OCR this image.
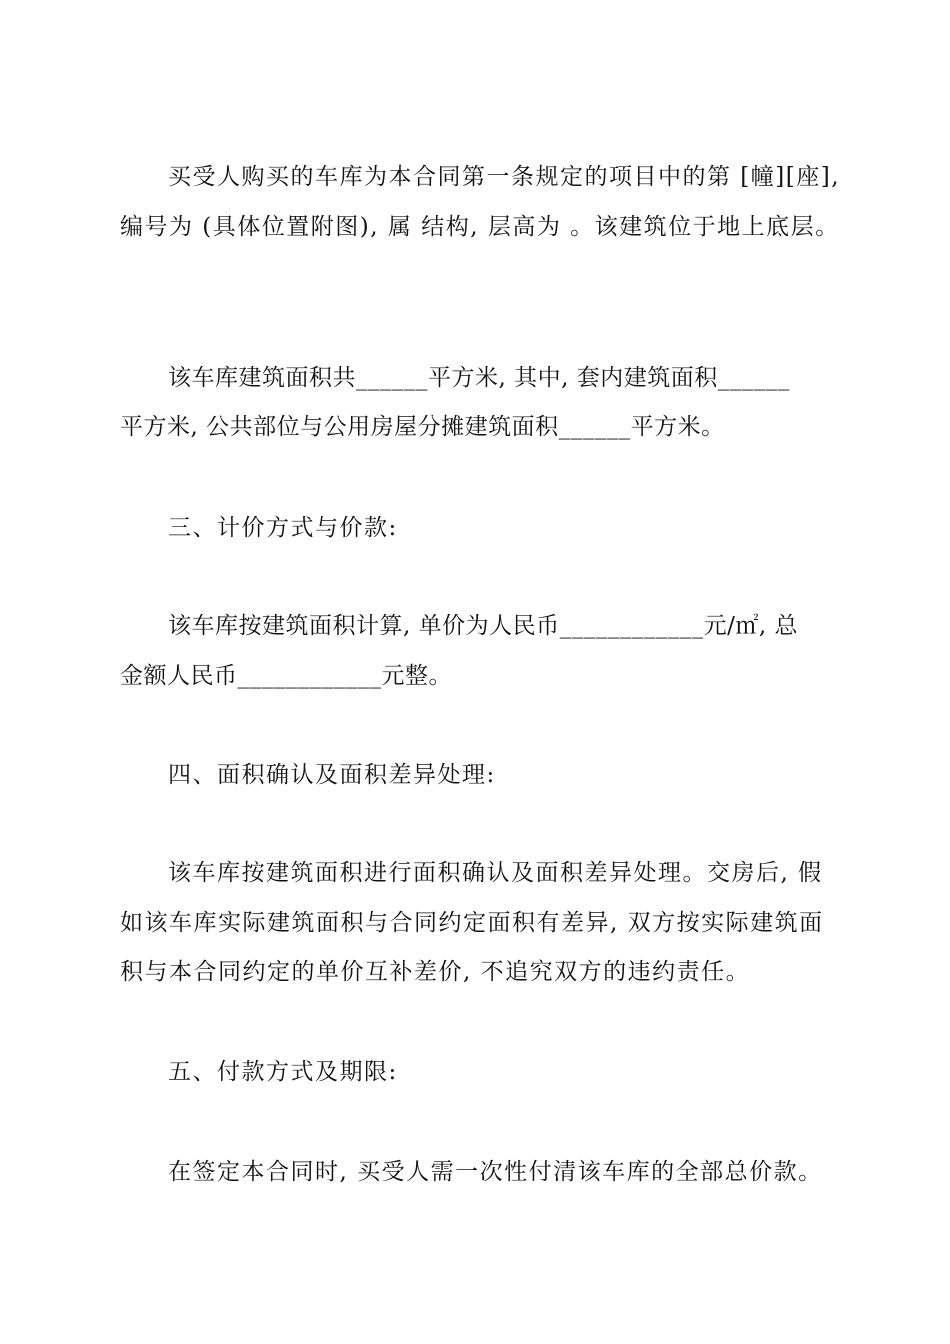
买受人购买的车库为本合同第一条规定的项目中的第 [幢][座],
编号为 (具体位置附图), 属 结构, 层高为 。该建筑位于地上底层。
该车库建筑面积共______平方米, 其中, 套内建筑面积______
平方米, 公共部位与公用房屋分摊建筑面积______平方米。
三、计价方式与价款:
该车库按建筑面积计算, 单价为人民币____________元/㎡, 总
金额人民币____________元整。
四、面积确认及面积差异处理:
该车库按建筑面积进行面积确认及面积差异处理。交房后, 假
如该车库实际建筑面积与合同约定面积有差异, 双方按实际建筑面
积与本合同约定的单价互补差价, 不追究双方的违约责任。
五、付款方式及期限:
在签定本合同时, 买受人需一次性付清该车库的全部总价款。
